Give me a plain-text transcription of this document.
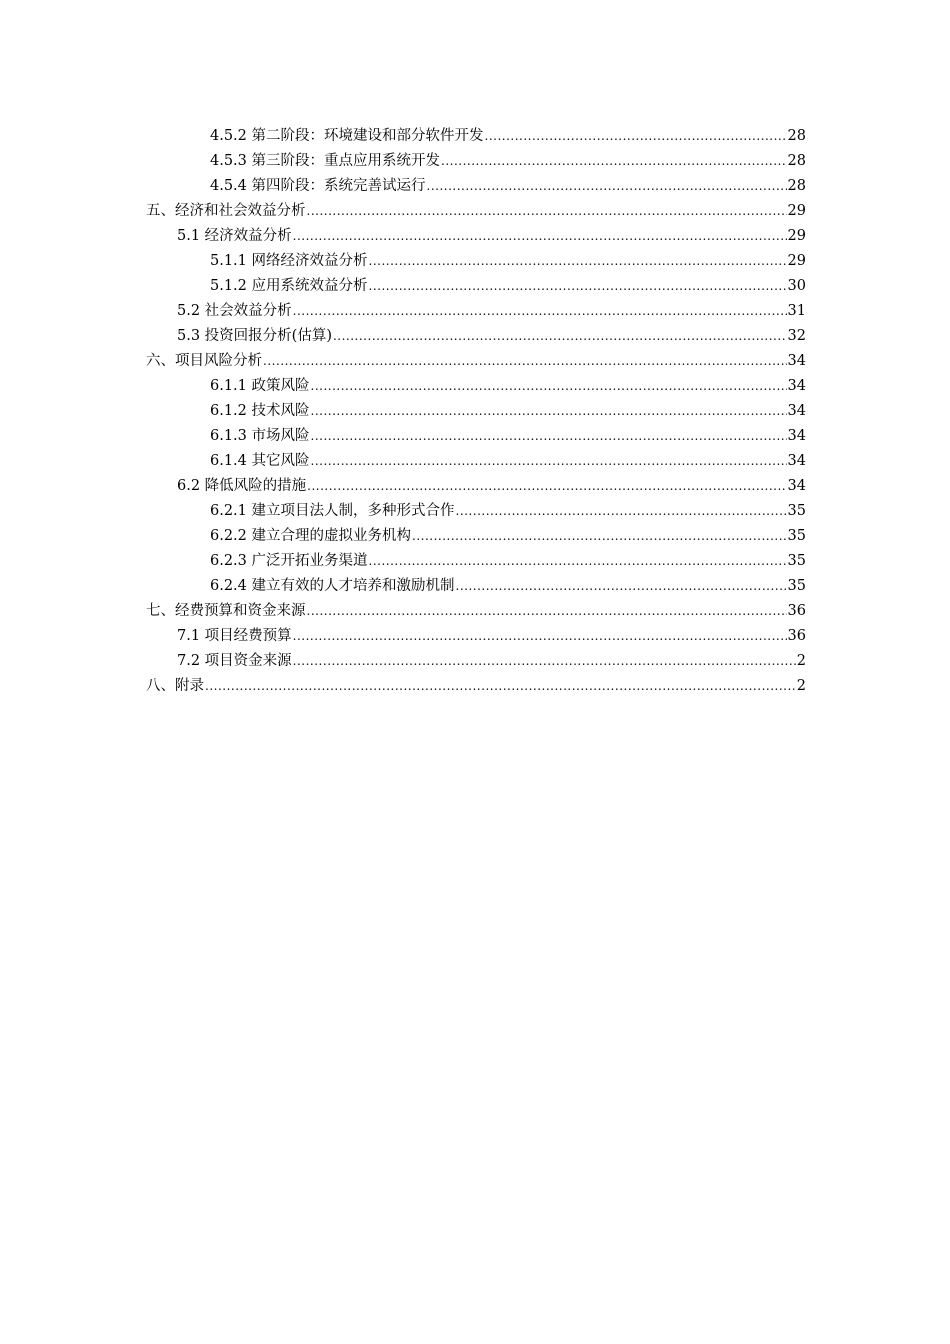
4.5.2 第二阶段：环境建设和部分软件开发 .....	28
4.5.3 第三阶段：重点应用系统开发 .....	28
4.5.4 第四阶段：系统完善试运行 .....	28
五、经济和社会效益分析 .....	29
5.1 经济效益分析 .....	29
5.1.1 网络经济效益分析 .....	29
5.1.2 应用系统效益分析 .....	30
5.2 社会效益分析 .....	31
5.3 投资回报分析(估算) .....	32
六、项目风险分析 .....	34
6.1.1 政策风险 .....	34
6.1.2 技术风险 .....	34
6.1.3 市场风险 .....	34
6.1.4 其它风险 .....	34
6.2 降低风险的措施 .....	34
6.2.1 建立项目法人制，多种形式合作 .....	35
6.2.2 建立合理的虚拟业务机构 .....	35
6.2.3 广泛开拓业务渠道 .....	35
6.2.4 建立有效的人才培养和激励机制 .....	35
七、经费预算和资金来源 .....	36
7.1 项目经费预算 .....	36
7.2 项目资金来源 .....	2
八、附录 .....	2
